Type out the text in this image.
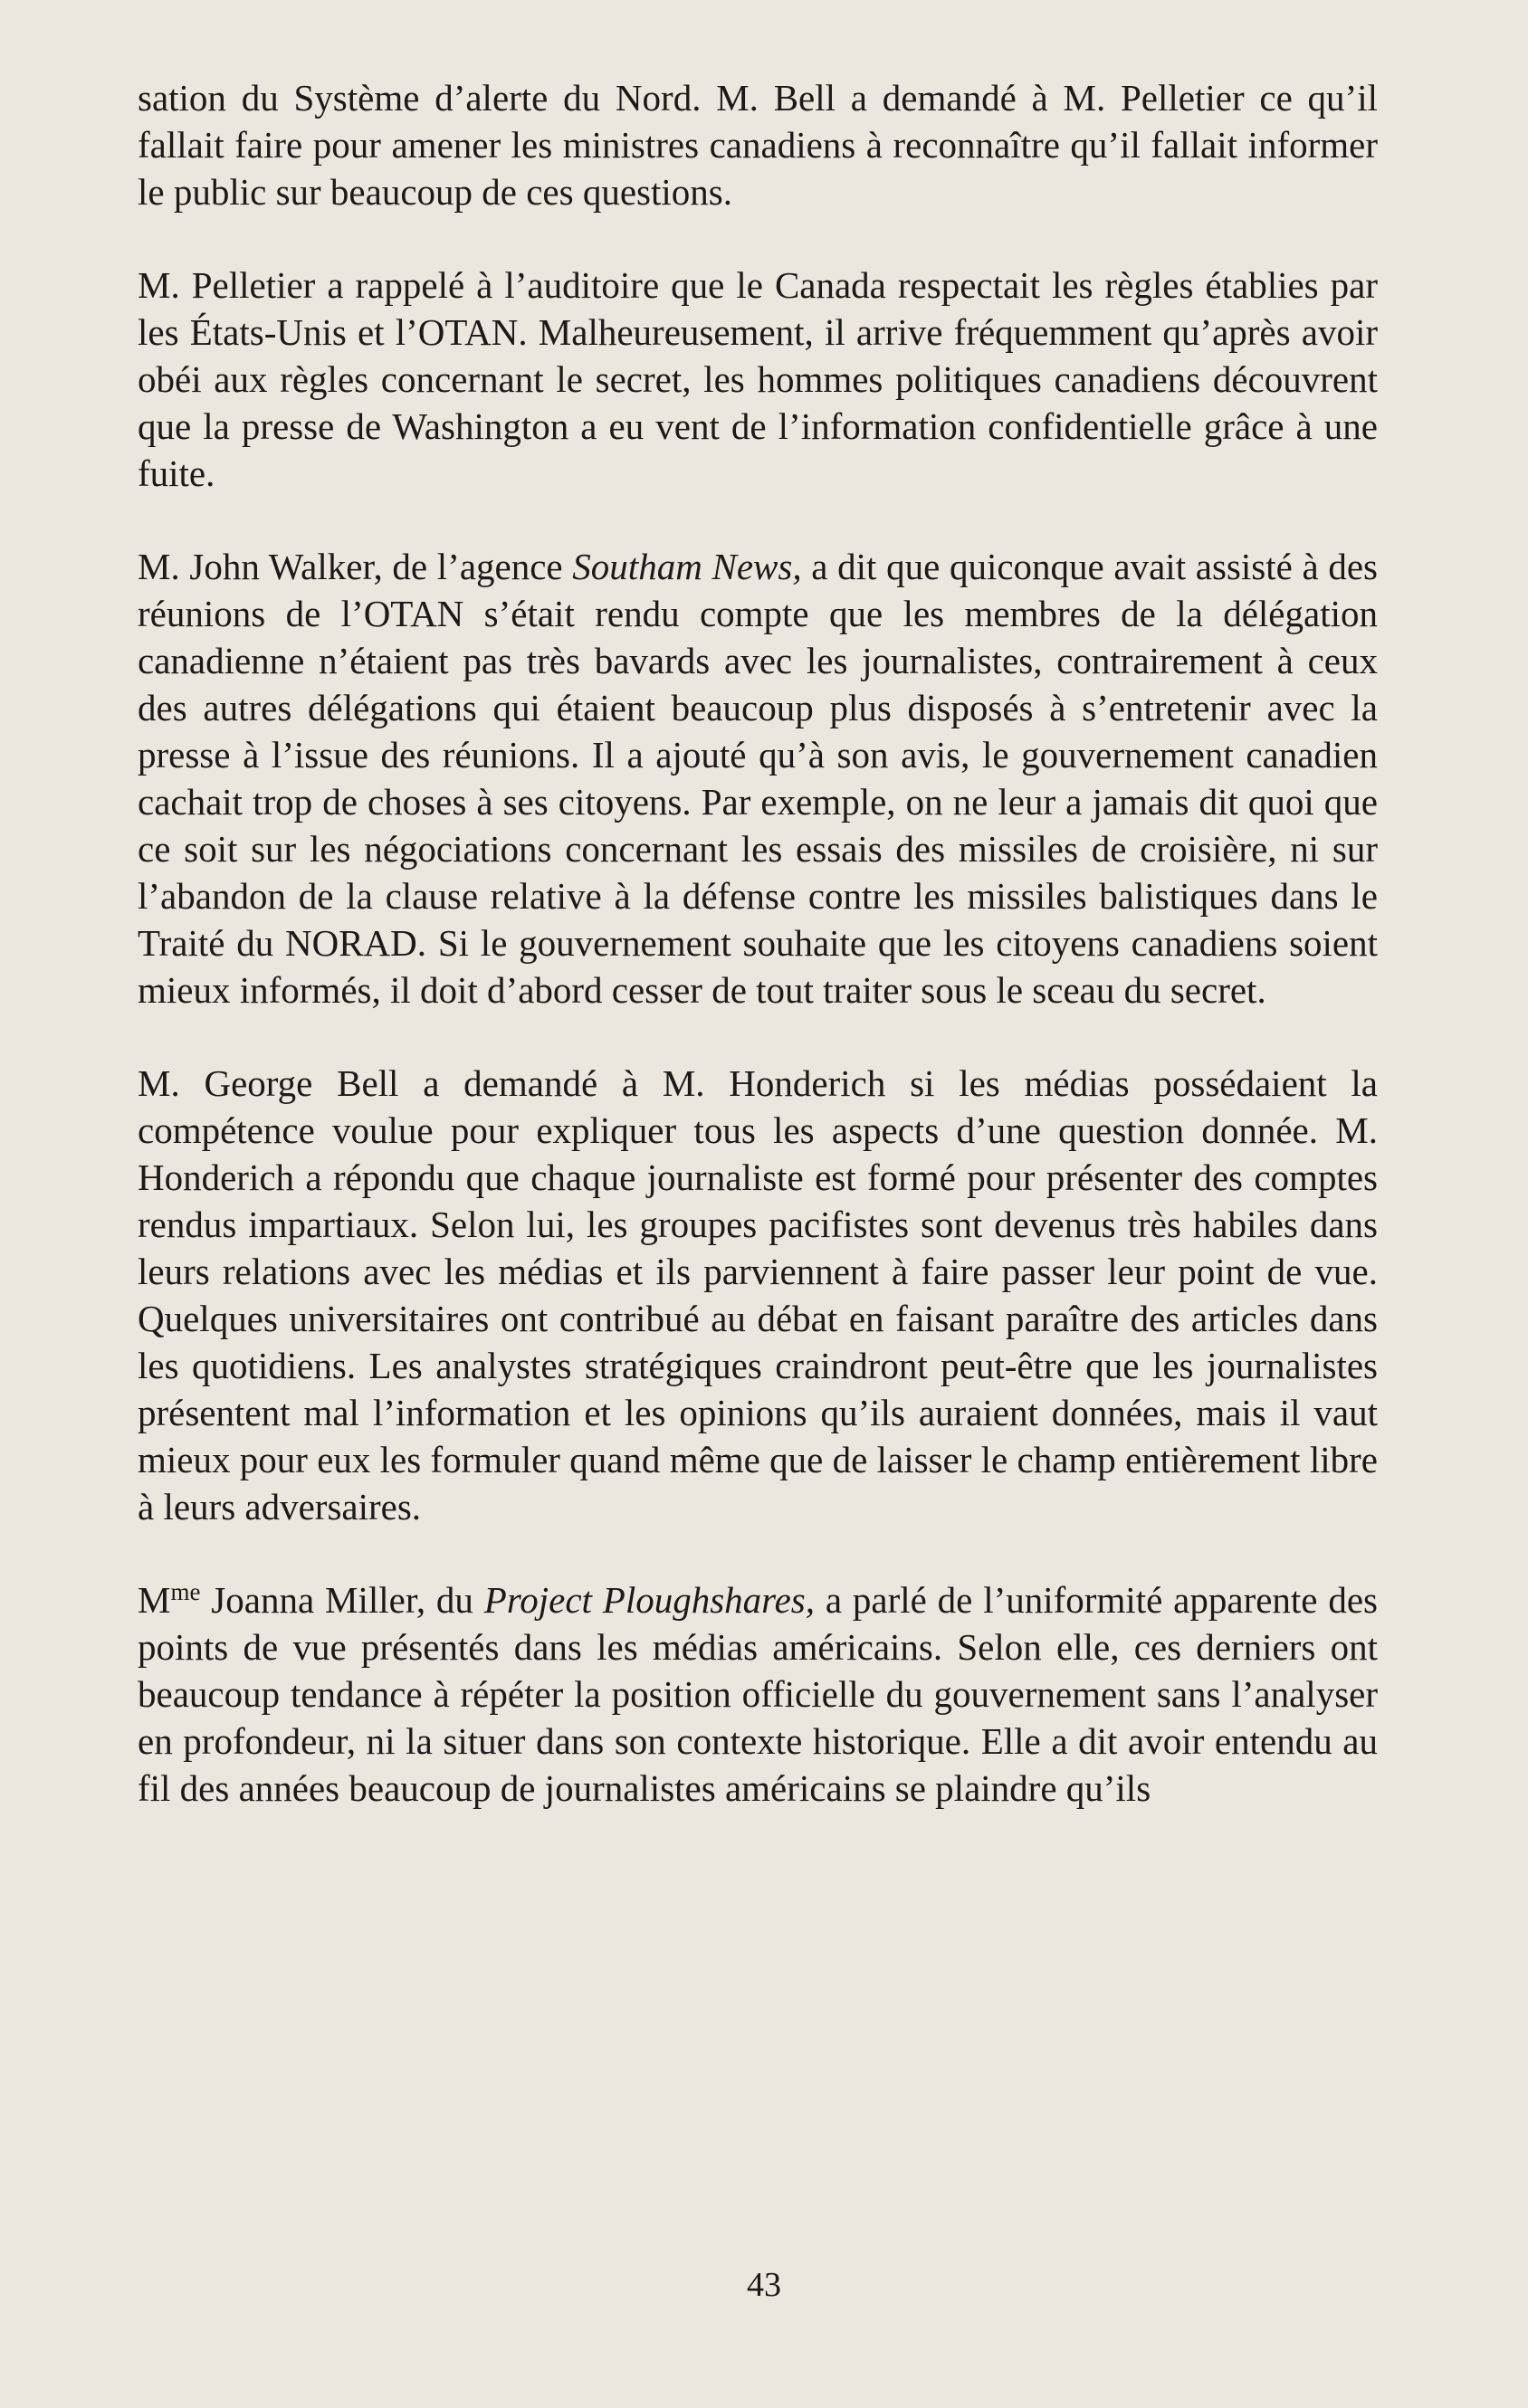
sation du Système d’alerte du Nord. M. Bell a demandé à M. Pelletier ce qu’il fallait faire pour amener les ministres canadiens à reconnaître qu’il fallait informer le public sur beaucoup de ces questions.

M. Pelletier a rappelé à l’auditoire que le Canada respectait les règles établies par les États-Unis et l’OTAN. Malheureusement, il arrive fréquemment qu’après avoir obéi aux règles concernant le secret, les hommes politiques canadiens découvrent que la presse de Washington a eu vent de l’information confidentielle grâce à une fuite.

M. John Walker, de l’agence Southam News, a dit que quiconque avait assisté à des réunions de l’OTAN s’était rendu compte que les membres de la délégation canadienne n’étaient pas très bavards avec les journalistes, contrairement à ceux des autres délégations qui étaient beaucoup plus disposés à s’entretenir avec la presse à l’issue des réunions. Il a ajouté qu’à son avis, le gouvernement canadien cachait trop de choses à ses citoyens. Par exemple, on ne leur a jamais dit quoi que ce soit sur les négociations concernant les essais des missiles de croisière, ni sur l’abandon de la clause relative à la défense contre les missiles balistiques dans le Traité du NORAD. Si le gouvernement souhaite que les citoyens canadiens soient mieux informés, il doit d’abord cesser de tout traiter sous le sceau du secret.

M. George Bell a demandé à M. Honderich si les médias possédaient la compétence voulue pour expliquer tous les aspects d’une question donnée. M. Honderich a répondu que chaque journaliste est formé pour présenter des comptes rendus impartiaux. Selon lui, les groupes pacifistes sont devenus très habiles dans leurs relations avec les médias et ils parviennent à faire passer leur point de vue. Quelques universitaires ont contribué au débat en faisant paraître des articles dans les quotidiens. Les analystes stratégiques craindront peut-être que les journalistes présentent mal l’information et les opinions qu’ils auraient données, mais il vaut mieux pour eux les formuler quand même que de laisser le champ entièrement libre à leurs adversaires.

$M^{me}$ Joanna Miller, du Project Ploughshares, a parlé de l’uniformité apparente des points de vue présentés dans les médias américains. Selon elle, ces derniers ont beaucoup tendance à répéter la position officielle du gouvernement sans l’analyser en profondeur, ni la situer dans son contexte historique. Elle a dit avoir entendu au fil des années beaucoup de journalistes américains se plaindre qu’ils

43
